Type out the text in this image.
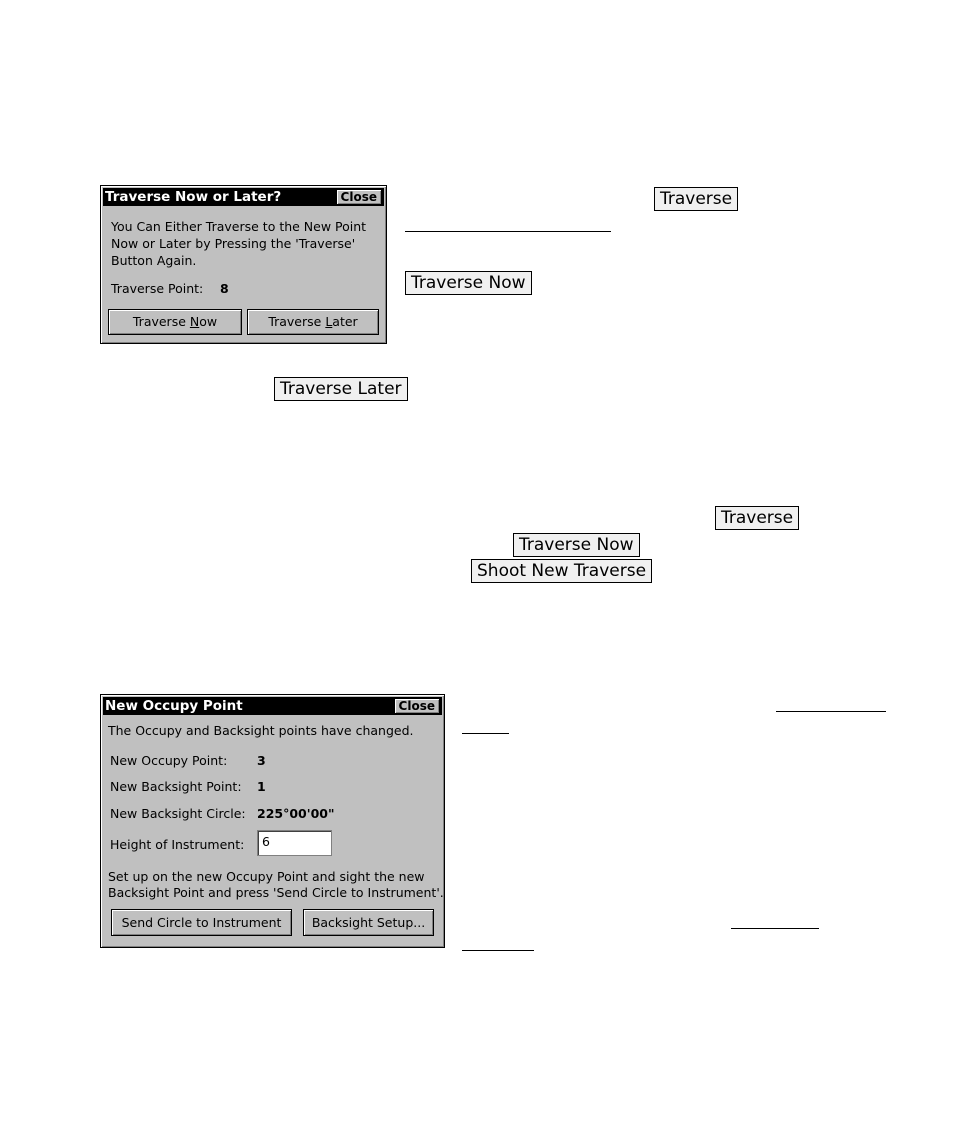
Traverse Now or Later?	Close
You Can Either Traverse to the New Point
Now or Later by Pressing the 'Traverse'
Button Again.
Traverse Point: 8
Traverse Now	Traverse Later
Traverse
Traverse Now
Traverse Later
Traverse
Traverse Now
Shoot New Traverse
New Occupy Point	Close
The Occupy and Backsight points have changed.
New Occupy Point: 3
New Backsight Point: 1
New Backsight Circle: 225°00'00"
Height of Instrument:	6
Set up on the new Occupy Point and sight the new
Backsight Point and press 'Send Circle to Instrument'.
Send Circle to Instrument	Backsight Setup...
